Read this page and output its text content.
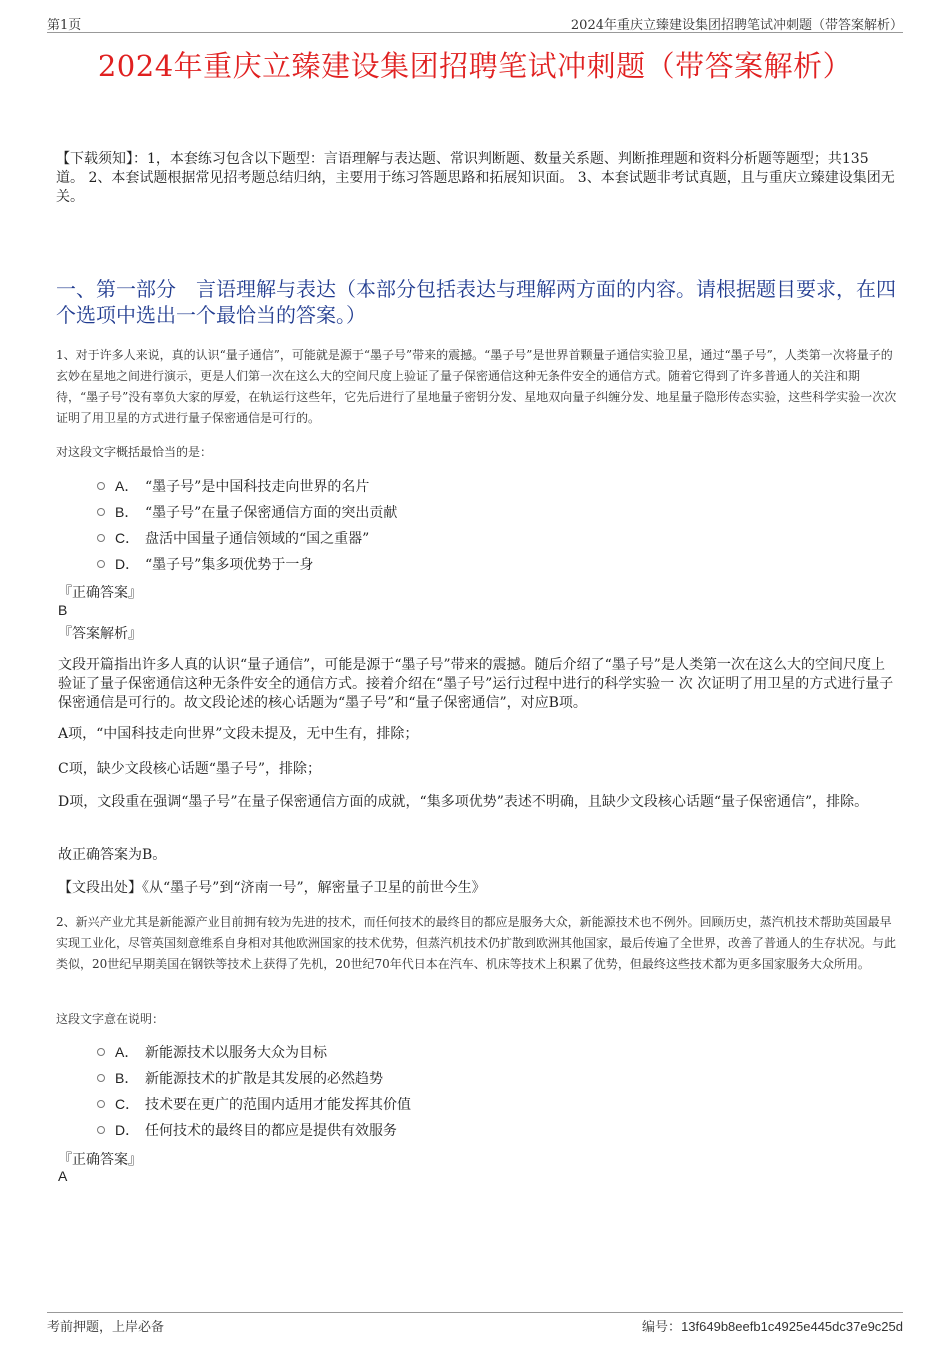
第1页	2024年重庆立臻建设集团招聘笔试冲刺题（带答案解析）
2024年重庆立臻建设集团招聘笔试冲刺题（带答案解析）
【下载须知】：1，本套练习包含以下题型：言语理解与表达题、常识判断题、数量关系题、判断推理题和资料分析题等题型；共135道。 2、本套试题根据常见招考题总结归纳，主要用于练习答题思路和拓展知识面。 3、本套试题非考试真题，且与重庆立臻建设集团无关。
一、第一部分　言语理解与表达（本部分包括表达与理解两方面的内容。请根据题目要求，在四个选项中选出一个最恰当的答案。）
1、对于许多人来说，真的认识“量子通信”，可能就是源于“墨子号”带来的震撼。“墨子号”是世界首颗量子通信实验卫星，通过“墨子号”，人类第一次将量子的玄妙在星地之间进行演示，更是人们第一次在这么大的空间尺度上验证了量子保密通信这种无条件安全的通信方式。随着它得到了许多普通人的关注和期待，“墨子号”没有辜负大家的厚爱，在轨运行这些年，它先后进行了星地量子密钥分发、星地双向量子纠缠分发、地星量子隐形传态实验，这些科学实验一次次证明了用卫星的方式进行量子保密通信是可行的。
对这段文字概括最恰当的是：
A． “墨子号”是中国科技走向世界的名片
B． “墨子号”在量子保密通信方面的突出贡献
C． 盘活中国量子通信领域的“国之重器”
D． “墨子号”集多项优势于一身
『正确答案』
B
『答案解析』
文段开篇指出许多人真的认识“量子通信”，可能是源于“墨子号”带来的震撼。随后介绍了“墨子号”是人类第一次在这么大的空间尺度上验证了量子保密通信这种无条件安全的通信方式。接着介绍在“墨子号”运行过程中进行的科学实验一 次 次证明了用卫星的方式进行量子保密通信是可行的。故文段论述的核心话题为“墨子号”和“量子保密通信”，对应B项。
A项，“中国科技走向世界”文段未提及，无中生有，排除；
C项，缺少文段核心话题“墨子号”，排除；
D项，文段重在强调“墨子号”在量子保密通信方面的成就，“集多项优势”表述不明确，且缺少文段核心话题“量子保密通信”，排除。
故正确答案为B。
【文段出处】《从“墨子号”到“济南一号”，解密量子卫星的前世今生》
2、新兴产业尤其是新能源产业目前拥有较为先进的技术，而任何技术的最终目的都应是服务大众，新能源技术也不例外。回顾历史，蒸汽机技术帮助英国最早实现工业化，尽管英国刻意维系自身相对其他欧洲国家的技术优势，但蒸汽机技术仍扩散到欧洲其他国家，最后传遍了全世界，改善了普通人的生存状况。与此类似，20世纪早期美国在钢铁等技术上获得了先机，20世纪70年代日本在汽车、机床等技术上积累了优势，但最终这些技术都为更多国家服务大众所用。
这段文字意在说明：
A． 新能源技术以服务大众为目标
B． 新能源技术的扩散是其发展的必然趋势
C． 技术要在更广的范围内适用才能发挥其价值
D． 任何技术的最终目的都应是提供有效服务
『正确答案』
A
考前押题，上岸必备	编号：13f649b8eefb1c4925e445dc37e9c25d
